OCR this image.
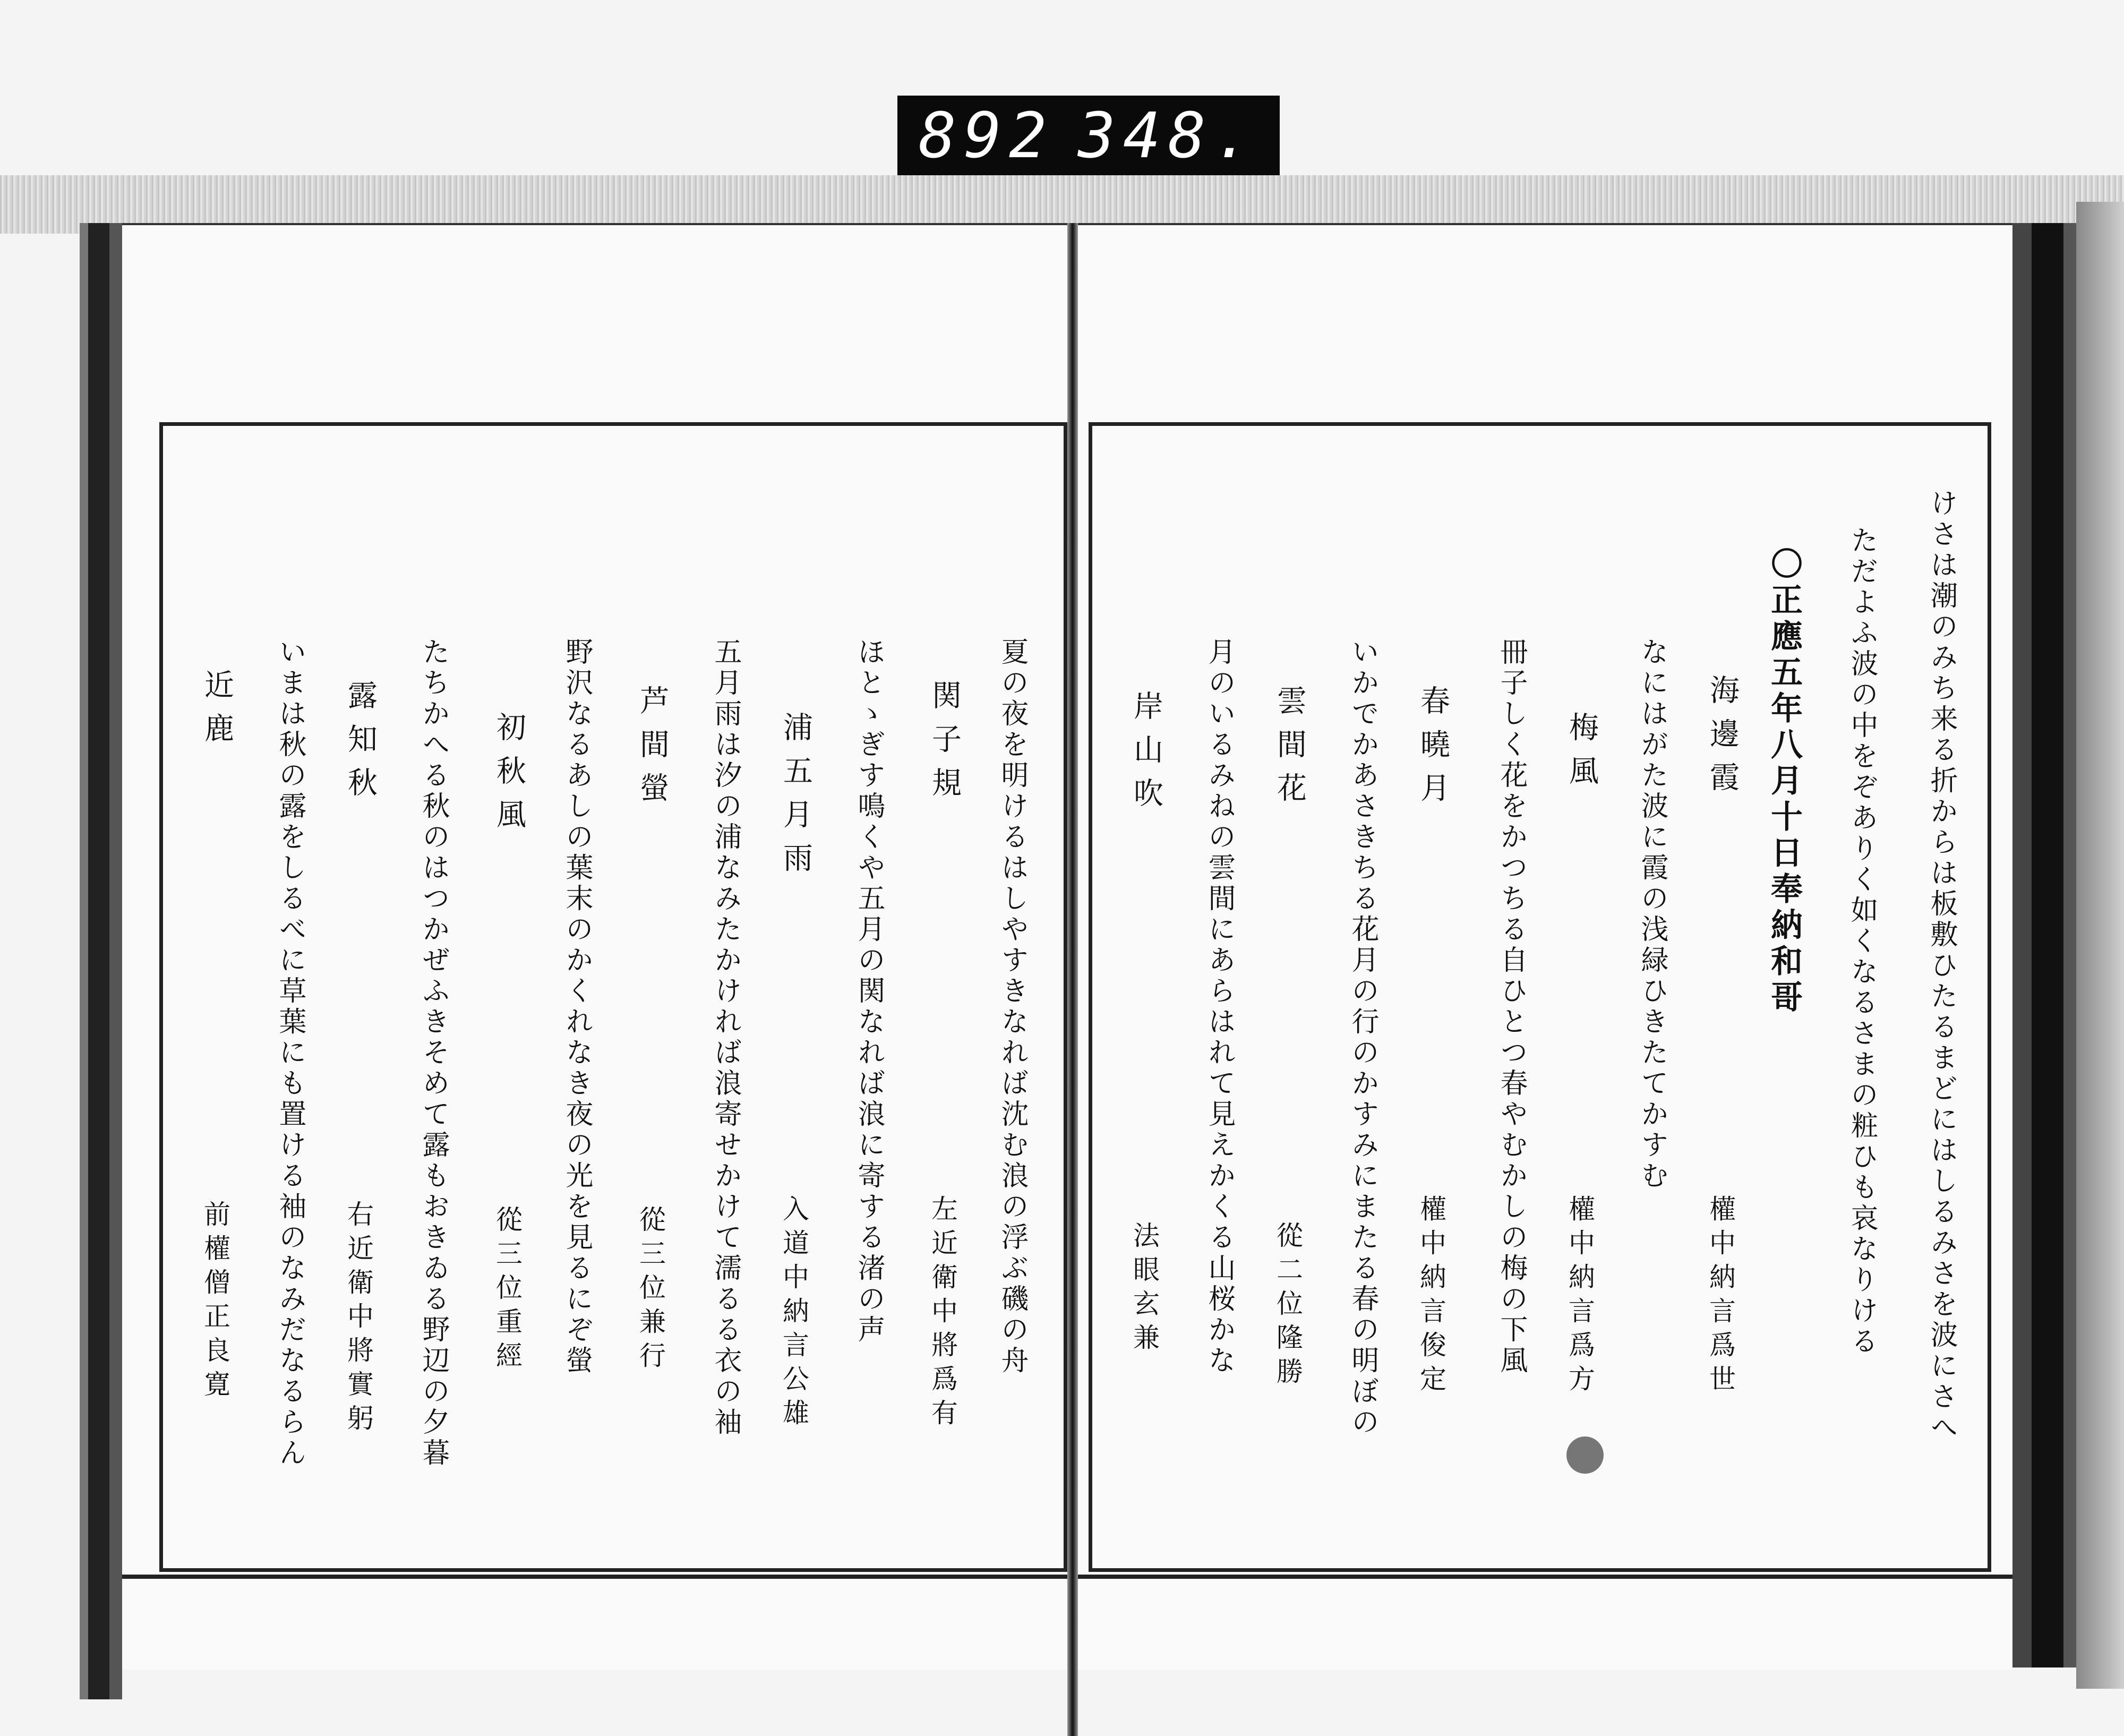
892 348.
けさは潮のみち来る折からは板敷ひたるまどにはしるみさを波にさへ
ただよふ波の中をぞありく如くなるさまの粧ひも哀なりける
〇正應五年八月十日奉納和哥
海邊霞
權中納言爲世
なにはがた波に霞の浅緑ひきたてかすむ
梅風
權中納言爲方
冊子しく花をかつちる自ひとつ春やむかしの梅の下風
春曉月
權中納言俊定
いかでかあさきちる花月の行のかすみにまたる春の明ぼの
雲間花
從二位隆勝
月のいるみねの雲間にあらはれて見えかくる山桜かな
岸山吹
法眼玄兼
夏の夜を明けるはしやすきなれば沈む浪の浮ぶ磯の舟
左近衛中將爲有
関子規
ほとゝぎす鳴くや五月の関なれば浪に寄する渚の声
入道中納言公雄
浦五月雨
五月雨は汐の浦なみたかければ浪寄せかけて濡るる衣の袖
從三位兼行
芦間螢
野沢なるあしの葉末のかくれなき夜の光を見るにぞ螢
從三位重經
初秋風
たちかへる秋のはつかぜふきそめて露もおきゐる野辺の夕暮
右近衛中將實躬
露知秋
いまは秋の露をしるべに草葉にも置ける袖のなみだなるらん
近鹿
前權僧正良寛
